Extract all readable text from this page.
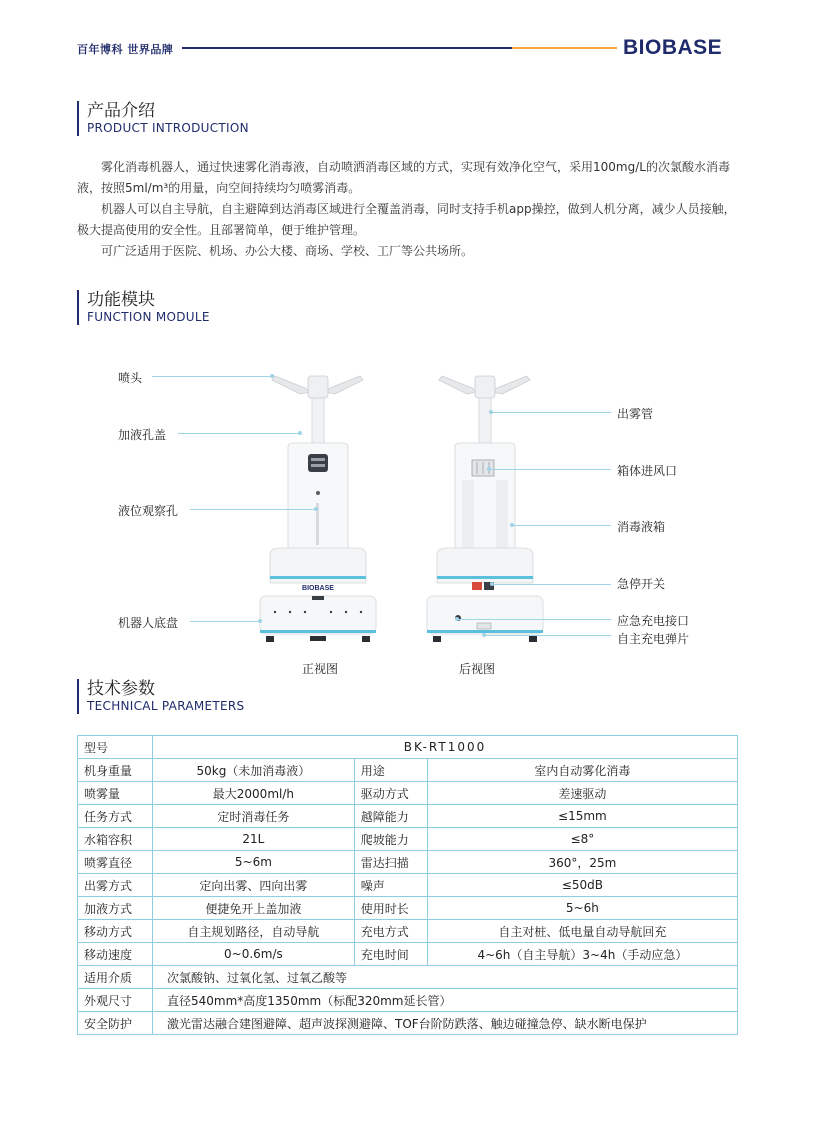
百年博科 世界品牌	BIOBASE
产品介绍
PRODUCT INTRODUCTION

雾化消毒机器人，通过快速雾化消毒液，自动喷洒消毒区域的方式，实现有效净化空气，采用100mg/L的次氯酸水消毒液，按照5ml/m³的用量，向空间持续均匀喷雾消毒。

机器人可以自主导航，自主避障到达消毒区域进行全覆盖消毒，同时支持手机app操控，做到人机分离，减少人员接触，极大提高使用的安全性。且部署简单，便于维护管理。

可广泛适用于医院、机场、办公大楼、商场、学校、工厂等公共场所。

功能模块
FUNCTION MODULE
BIOBASE
喷头
加液孔盖
液位观察孔
机器人底盘
出雾管
箱体进风口
消毒液箱
急停开关
应急充电接口
自主充电弹片
正视图	后视图
技术参数
TECHNICAL PARAMETERS
型号	BK-RT1000		
机身重量	50kg（未加消毒液）	用途	室内自动雾化消毒
喷雾量	最大2000ml/h	驱动方式	差速驱动
任务方式	定时消毒任务	越障能力	≤15mm
水箱容积	21L	爬坡能力	≤8°
喷雾直径	5~6m	雷达扫描	360°，25m
出雾方式	定向出雾、四向出雾	噪声	≤50dB
加液方式	便捷免开上盖加液	使用时长	5~6h
移动方式	自主规划路径，自动导航	充电方式	自主对桩、低电量自动导航回充
移动速度	0~0.6m/s	充电时间	4~6h（自主导航）3~4h（手动应急）
适用介质	次氯酸钠、过氧化氢、过氧乙酸等		
外观尺寸	直径540mm*高度1350mm（标配320mm延长管）		
安全防护	激光雷达融合建图避障、超声波探测避障、TOF台阶防跌落、触边碰撞急停、缺水断电保护		
